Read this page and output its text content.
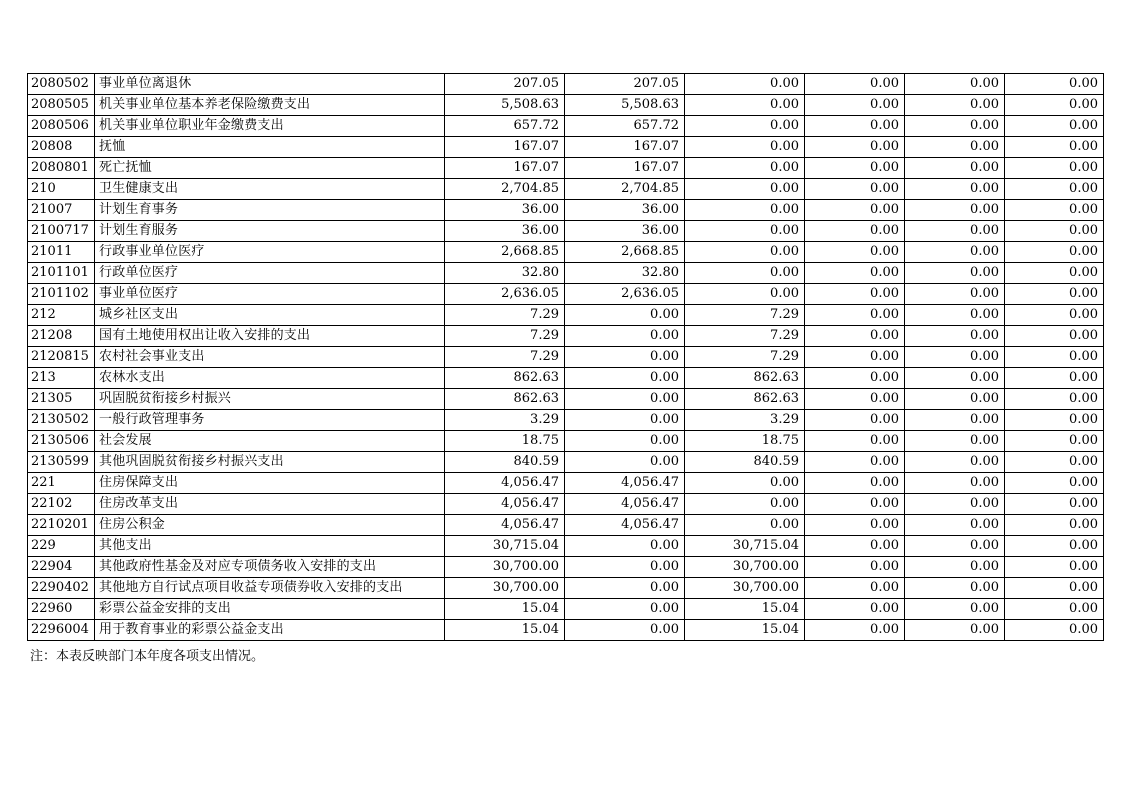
2080502	事业单位离退休	207.05	207.05	0.00	0.00	0.00	0.00
2080505	机关事业单位基本养老保险缴费支出	5,508.63	5,508.63	0.00	0.00	0.00	0.00
2080506	机关事业单位职业年金缴费支出	657.72	657.72	0.00	0.00	0.00	0.00
20808	抚恤	167.07	167.07	0.00	0.00	0.00	0.00
2080801	死亡抚恤	167.07	167.07	0.00	0.00	0.00	0.00
210	卫生健康支出	2,704.85	2,704.85	0.00	0.00	0.00	0.00
21007	计划生育事务	36.00	36.00	0.00	0.00	0.00	0.00
2100717	计划生育服务	36.00	36.00	0.00	0.00	0.00	0.00
21011	行政事业单位医疗	2,668.85	2,668.85	0.00	0.00	0.00	0.00
2101101	行政单位医疗	32.80	32.80	0.00	0.00	0.00	0.00
2101102	事业单位医疗	2,636.05	2,636.05	0.00	0.00	0.00	0.00
212	城乡社区支出	7.29	0.00	7.29	0.00	0.00	0.00
21208	国有土地使用权出让收入安排的支出	7.29	0.00	7.29	0.00	0.00	0.00
2120815	农村社会事业支出	7.29	0.00	7.29	0.00	0.00	0.00
213	农林水支出	862.63	0.00	862.63	0.00	0.00	0.00
21305	巩固脱贫衔接乡村振兴	862.63	0.00	862.63	0.00	0.00	0.00
2130502	一般行政管理事务	3.29	0.00	3.29	0.00	0.00	0.00
2130506	社会发展	18.75	0.00	18.75	0.00	0.00	0.00
2130599	其他巩固脱贫衔接乡村振兴支出	840.59	0.00	840.59	0.00	0.00	0.00
221	住房保障支出	4,056.47	4,056.47	0.00	0.00	0.00	0.00
22102	住房改革支出	4,056.47	4,056.47	0.00	0.00	0.00	0.00
2210201	住房公积金	4,056.47	4,056.47	0.00	0.00	0.00	0.00
229	其他支出	30,715.04	0.00	30,715.04	0.00	0.00	0.00
22904	其他政府性基金及对应专项债务收入安排的支出	30,700.00	0.00	30,700.00	0.00	0.00	0.00
2290402	其他地方自行试点项目收益专项债券收入安排的支出	30,700.00	0.00	30,700.00	0.00	0.00	0.00
22960	彩票公益金安排的支出	15.04	0.00	15.04	0.00	0.00	0.00
2296004	用于教育事业的彩票公益金支出	15.04	0.00	15.04	0.00	0.00	0.00
注：本表反映部门本年度各项支出情况。
